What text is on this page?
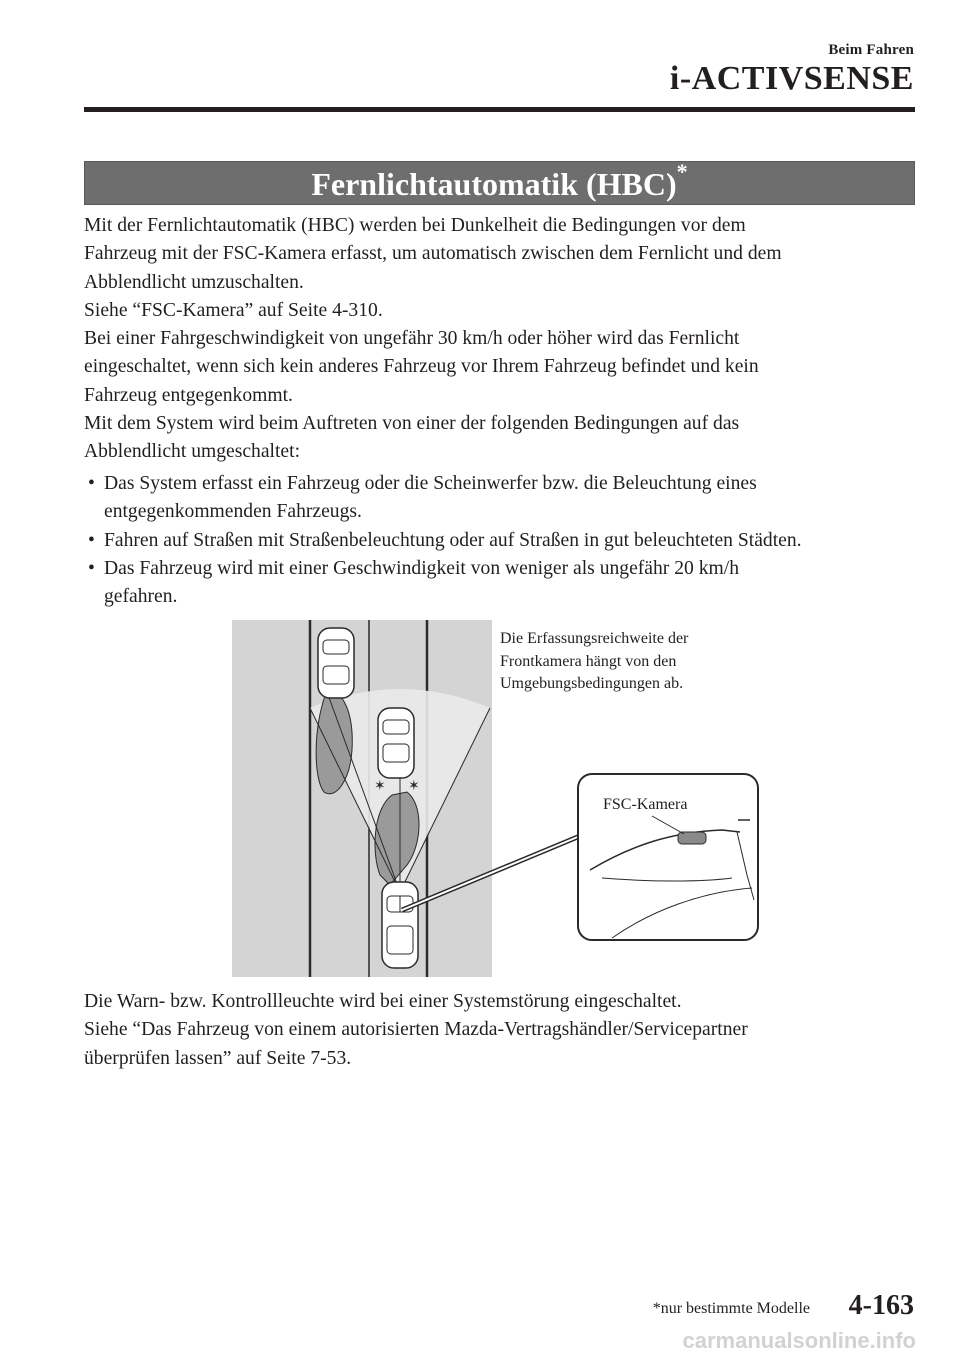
Beim Fahren
i-ACTIVSENSE
Fernlichtautomatik (HBC)*

Mit der Fernlichtautomatik (HBC) werden bei Dunkelheit die Bedingungen vor dem

Fahrzeug mit der FSC-Kamera erfasst, um automatisch zwischen dem Fernlicht und dem

Abblendlicht umzuschalten.

Siehe “FSC-Kamera” auf Seite 4-310.

Bei einer Fahrgeschwindigkeit von ungefähr 30 km/h oder höher wird das Fernlicht

eingeschaltet, wenn sich kein anderes Fahrzeug vor Ihrem Fahrzeug befindet und kein

Fahrzeug entgegenkommt.

Mit dem System wird beim Auftreten von einer der folgenden Bedingungen auf das

Abblendlicht umgeschaltet:

• Das System erfasst ein Fahrzeug oder die Scheinwerfer bzw. die Beleuchtung eines

entgegenkommenden Fahrzeugs.

• Fahren auf Straßen mit Straßenbeleuchtung oder auf Straßen in gut beleuchteten Städten.

• Das Fahrzeug wird mit einer Geschwindigkeit von weniger als ungefähr 20 km/h

gefahren.

✶ ✶

Die Erfassungsreichweite der

Frontkamera hängt von den

Umgebungsbedingungen ab.

FSC-Kamera

Die Warn- bzw. Kontrollleuchte wird bei einer Systemstörung eingeschaltet.

Siehe “Das Fahrzeug von einem autorisierten Mazda-Vertragshändler/Servicepartner

überprüfen lassen” auf Seite 7-53.

*nur bestimmte Modelle 4-163
carmanualsonline.info
